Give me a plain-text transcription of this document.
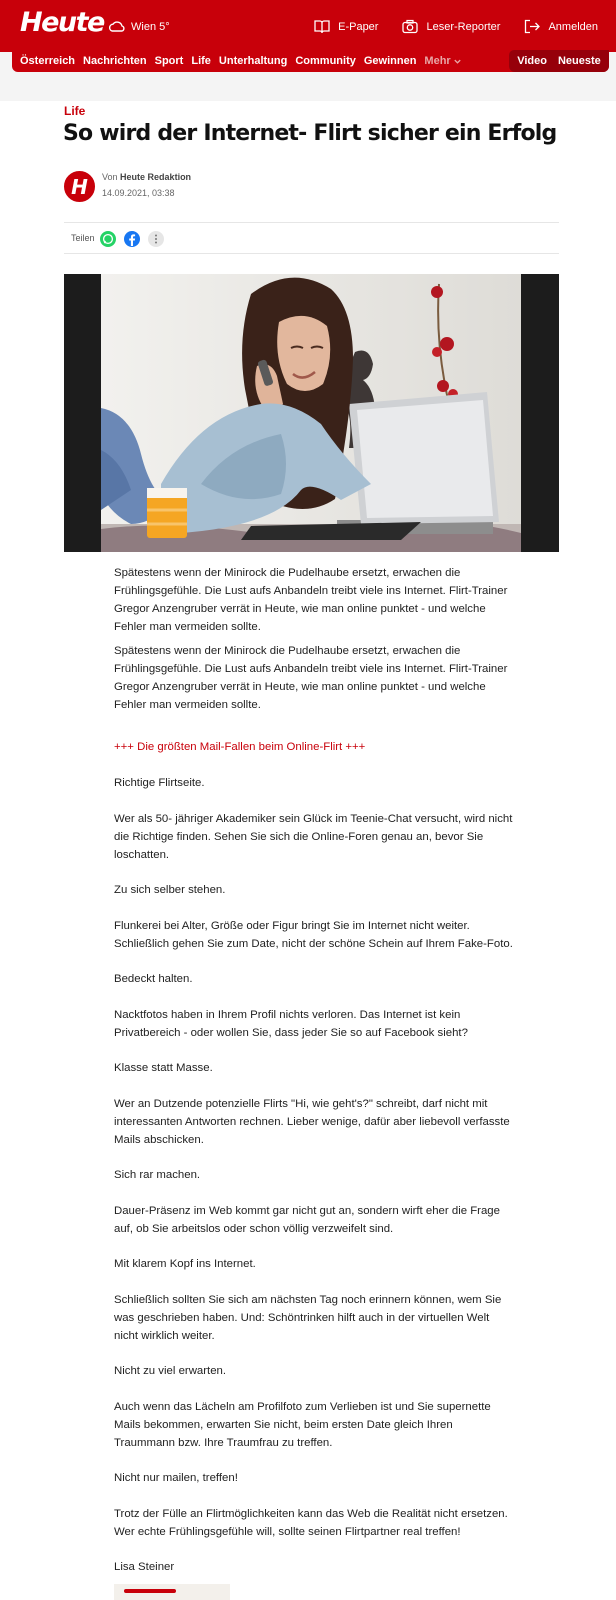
Heute Wien 5°	E-Paper	Leser-Reporter	Anmelden
Österreich Nachrichten Sport Life Unterhaltung Community Gewinnen Mehr	Video Neueste
Life
So wird der Internet- Flirt sicher ein Erfolg
H Von Heute Redaktion
14.09.2021, 03:38
Teilen

Spätestens wenn der Minirock die Pudelhaube ersetzt, erwachen die Frühlingsgefühle. Die Lust aufs Anbandeln treibt viele ins Internet. Flirt-Trainer Gregor Anzengruber verrät in Heute, wie man online punktet - und welche Fehler man vermeiden sollte.

Spätestens wenn der Minirock die Pudelhaube ersetzt, erwachen die Frühlingsgefühle. Die Lust aufs Anbandeln treibt viele ins Internet. Flirt-Trainer Gregor Anzengruber verrät in Heute, wie man online punktet - und welche Fehler man vermeiden sollte.

+++ Die größten Mail-Fallen beim Online-Flirt +++

Richtige Flirtseite.

Wer als 50- jähriger Akademiker sein Glück im Teenie-Chat versucht, wird nicht die Richtige finden. Sehen Sie sich die Online-Foren genau an, bevor Sie loschatten.

Zu sich selber stehen.

Flunkerei bei Alter, Größe oder Figur bringt Sie im Internet nicht weiter. Schließlich gehen Sie zum Date, nicht der schöne Schein auf Ihrem Fake-Foto.

Bedeckt halten.

Nacktfotos haben in Ihrem Profil nichts verloren. Das Internet ist kein Privatbereich - oder wollen Sie, dass jeder Sie so auf Facebook sieht?

Klasse statt Masse.

Wer an Dutzende potenzielle Flirts "Hi, wie geht's?" schreibt, darf nicht mit interessanten Antworten rechnen. Lieber wenige, dafür aber liebevoll verfasste Mails abschicken.

Sich rar machen.

Dauer-Präsenz im Web kommt gar nicht gut an, sondern wirft eher die Frage auf, ob Sie arbeitslos oder schon völlig verzweifelt sind.

Mit klarem Kopf ins Internet.

Schließlich sollten Sie sich am nächsten Tag noch erinnern können, wem Sie was geschrieben haben. Und: Schöntrinken hilft auch in der virtuellen Welt nicht wirklich weiter.

Nicht zu viel erwarten.

Auch wenn das Lächeln am Profilfoto zum Verlieben ist und Sie supernette Mails bekommen, erwarten Sie nicht, beim ersten Date gleich Ihren Traummann bzw. Ihre Traumfrau zu treffen.

Nicht nur mailen, treffen!

Trotz der Fülle an Flirtmöglichkeiten kann das Web die Realität nicht ersetzen. Wer echte Frühlingsgefühle will, sollte seinen Flirtpartner real treffen!

Lisa Steiner
